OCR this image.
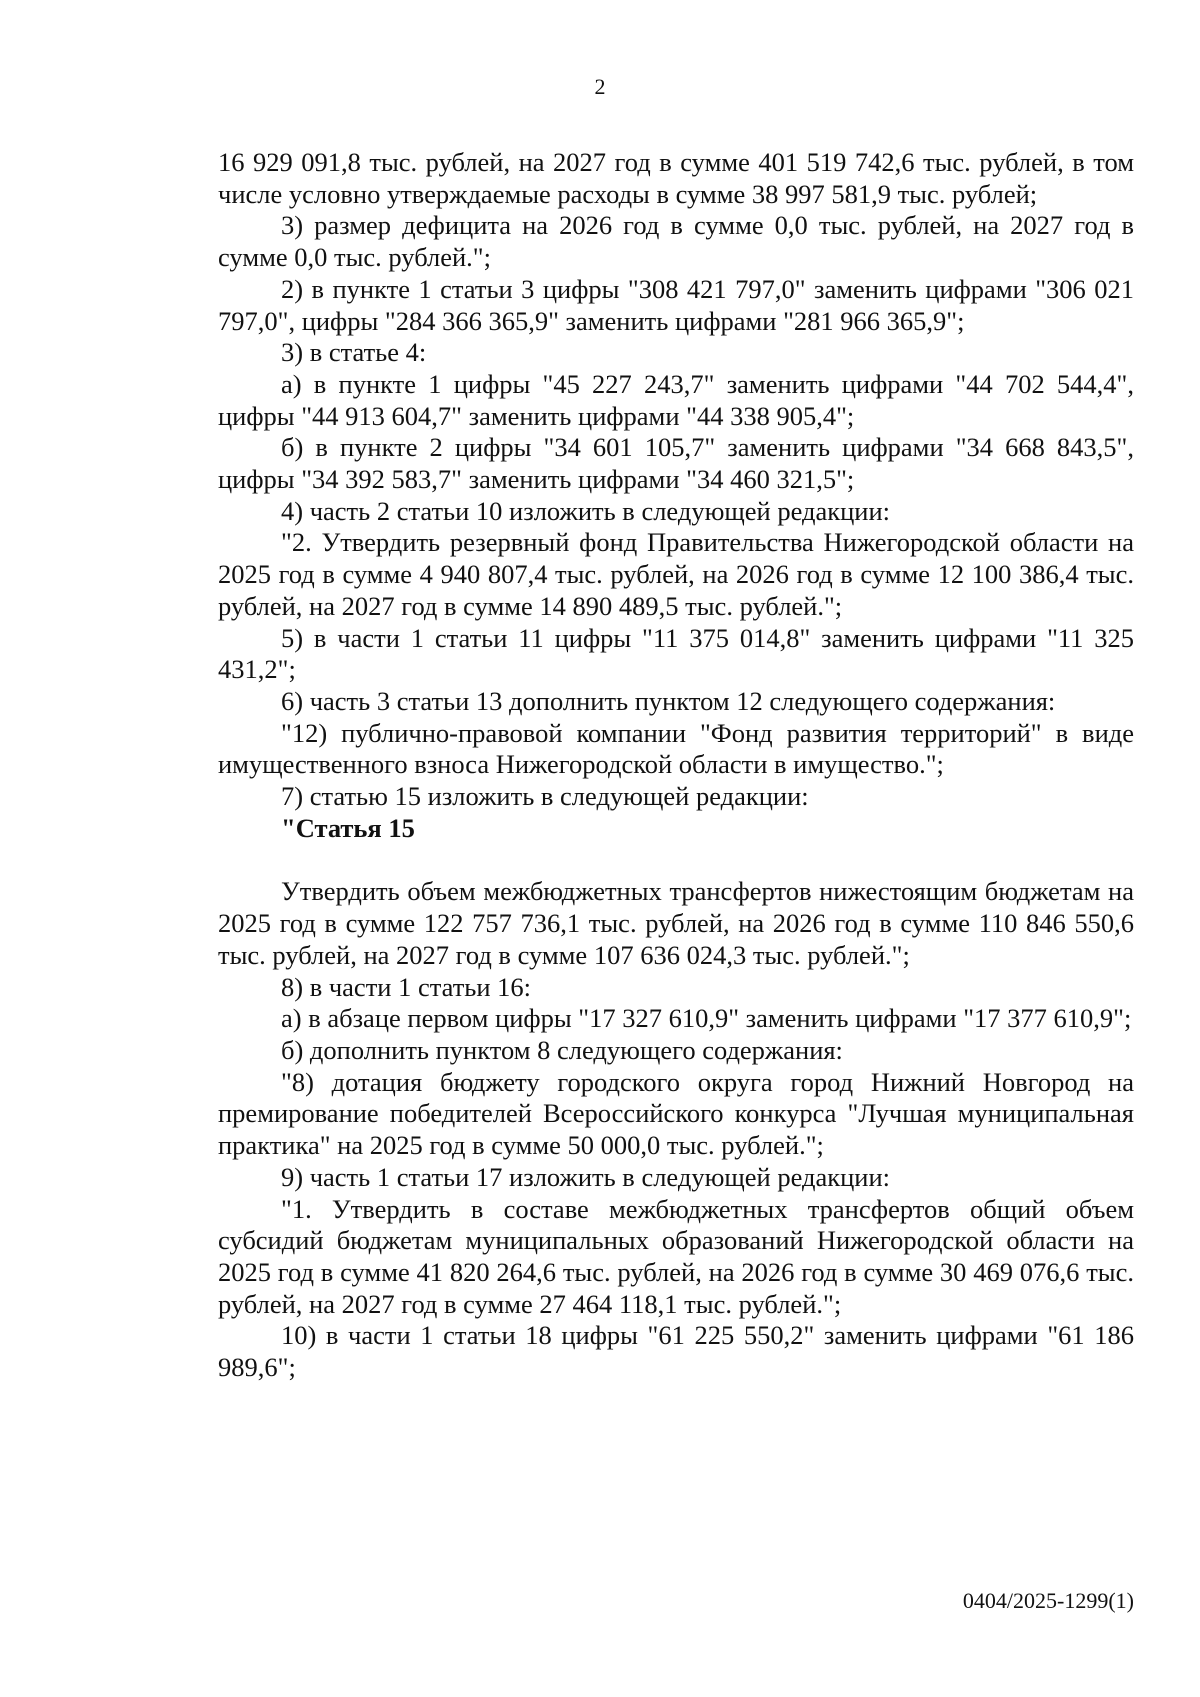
2

16 929 091,8 тыс. рублей, на 2027 год в сумме 401 519 742,6 тыс. рублей, в том числе условно утверждаемые расходы в сумме 38 997 581,9 тыс. рублей;

3) размер дефицита на 2026 год в сумме 0,0 тыс. рублей, на 2027 год в сумме 0,0 тыс. рублей.";

2) в пункте 1 статьи 3 цифры "308 421 797,0" заменить цифрами "306 021 797,0", цифры "284 366 365,9" заменить цифрами "281 966 365,9";

3) в статье 4:

а) в пункте 1 цифры "45 227 243,7" заменить цифрами "44 702 544,4", цифры "44 913 604,7" заменить цифрами "44 338 905,4";

б) в пункте 2 цифры "34 601 105,7" заменить цифрами "34 668 843,5", цифры "34 392 583,7" заменить цифрами "34 460 321,5";

4) часть 2 статьи 10 изложить в следующей редакции:

"2. Утвердить резервный фонд Правительства Нижегородской области на 2025 год в сумме 4 940 807,4 тыс. рублей, на 2026 год в сумме 12 100 386,4 тыс. рублей, на 2027 год в сумме 14 890 489,5 тыс. рублей.";

5) в части 1 статьи 11 цифры "11 375 014,8" заменить цифрами "11 325 431,2";

6) часть 3 статьи 13 дополнить пунктом 12 следующего содержания:

"12) публично-правовой компании "Фонд развития территорий" в виде имущественного взноса Нижегородской области в имущество.";

7) статью 15 изложить в следующей редакции:

"Статья 15

Утвердить объем межбюджетных трансфертов нижестоящим бюджетам на 2025 год в сумме 122 757 736,1 тыс. рублей, на 2026 год в сумме 110 846 550,6 тыс. рублей, на 2027 год в сумме 107 636 024,3 тыс. рублей.";

8) в части 1 статьи 16:

а) в абзаце первом цифры "17 327 610,9" заменить цифрами "17 377 610,9";

б) дополнить пунктом 8 следующего содержания:

"8) дотация бюджету городского округа город Нижний Новгород на премирование победителей Всероссийского конкурса "Лучшая муниципальная практика" на 2025 год в сумме 50 000,0 тыс. рублей.";

9) часть 1 статьи 17 изложить в следующей редакции:

"1. Утвердить в составе межбюджетных трансфертов общий объем субсидий бюджетам муниципальных образований Нижегородской области на 2025 год в сумме 41 820 264,6 тыс. рублей, на 2026 год в сумме 30 469 076,6 тыс. рублей, на 2027 год в сумме 27 464 118,1 тыс. рублей.";

10) в части 1 статьи 18 цифры "61 225 550,2" заменить цифрами "61 186 989,6";

0404/2025-1299(1)
